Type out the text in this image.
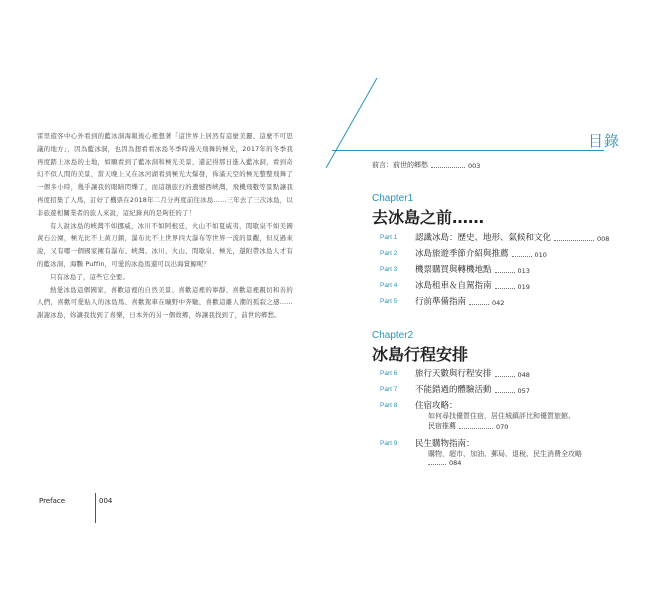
雷里遊客中心外看到的藍冰洞海報後心裡想著「這世界上居然有這麼美麗、這麼不可思議的地方」，因為藍冰洞，也因為想看看冰島冬季時漫天飛舞的極光，2017年的冬季我再度踏上冰島的土地，如願看到了藍冰洞和極光美景，還記得那日進入藍冰洞，看到奇幻不似人間的美景，當天晚上又在冰河湖看到極光大爆發，佈滿天空的極光整整飛舞了一個多小時，幾乎讓我的眼睛閃爍了，而這趟旅行的遺憾西峽灣，飛機飛數等景點讓我再度招集了人馬，訂好了機票在2018年二月分再度前往冰島……三年去了三次冰島，以非旅遊相關業者的旅人來說，這紀錄真的是夠狂的了！

有人說冰島的峽灣不如挪威，冰川不如阿根廷，火山不如夏威夷，間歇泉不如美國黃石公園，極光比不上黃刀鎮，瀑布比不上世界四大瀑布等世界一流的景觀，但反過來說，又有哪一個國家擁有瀑布、峽灣、冰川、火山、間歇泉、極光，還附帶冰島人才有的藍冰洞，海鸚 Puffin，可愛的冰島馬還可以出海賞鯨呢？

只有冰島了，這些它全要。

熱愛冰島這個國家，喜歡這裡的自然美景、喜歡這裡的寧靜、喜歡這裡親切和善的人們，喜歡可愛貼人的冰島馬、喜歡駕車在曠野中奔馳，喜歡這離人潮的孤寂之感……謝謝冰島，妳讓我找到了喜樂，日本外的另一個故鄉，妳讓我找到了，前世的鄉愁。

Preface	004
目錄
前言：前世的鄉愁	003
Chapter1
去冰島之前……
Part 1 認識冰島：歷史、地形、氣候和文化	008
Part 2 冰島旅遊季節介紹與推薦	010
Part 3 機票購買與轉機地點	013
Part 4 冰島租車＆自駕指南	019
Part 5 行前準備指南	042
Chapter2
冰島行程安排
Part 6 旅行天數與行程安排	048
Part 7 不能錯過的體驗活動	057
Part 8 住宿攻略：
如何尋找優質住宿，居住城鎮評比和優質旅館、
民宿推薦	070
Part 9 民生購物指南：
購物，超市、加油、郵局、退稅、民生消費全攻略
084
